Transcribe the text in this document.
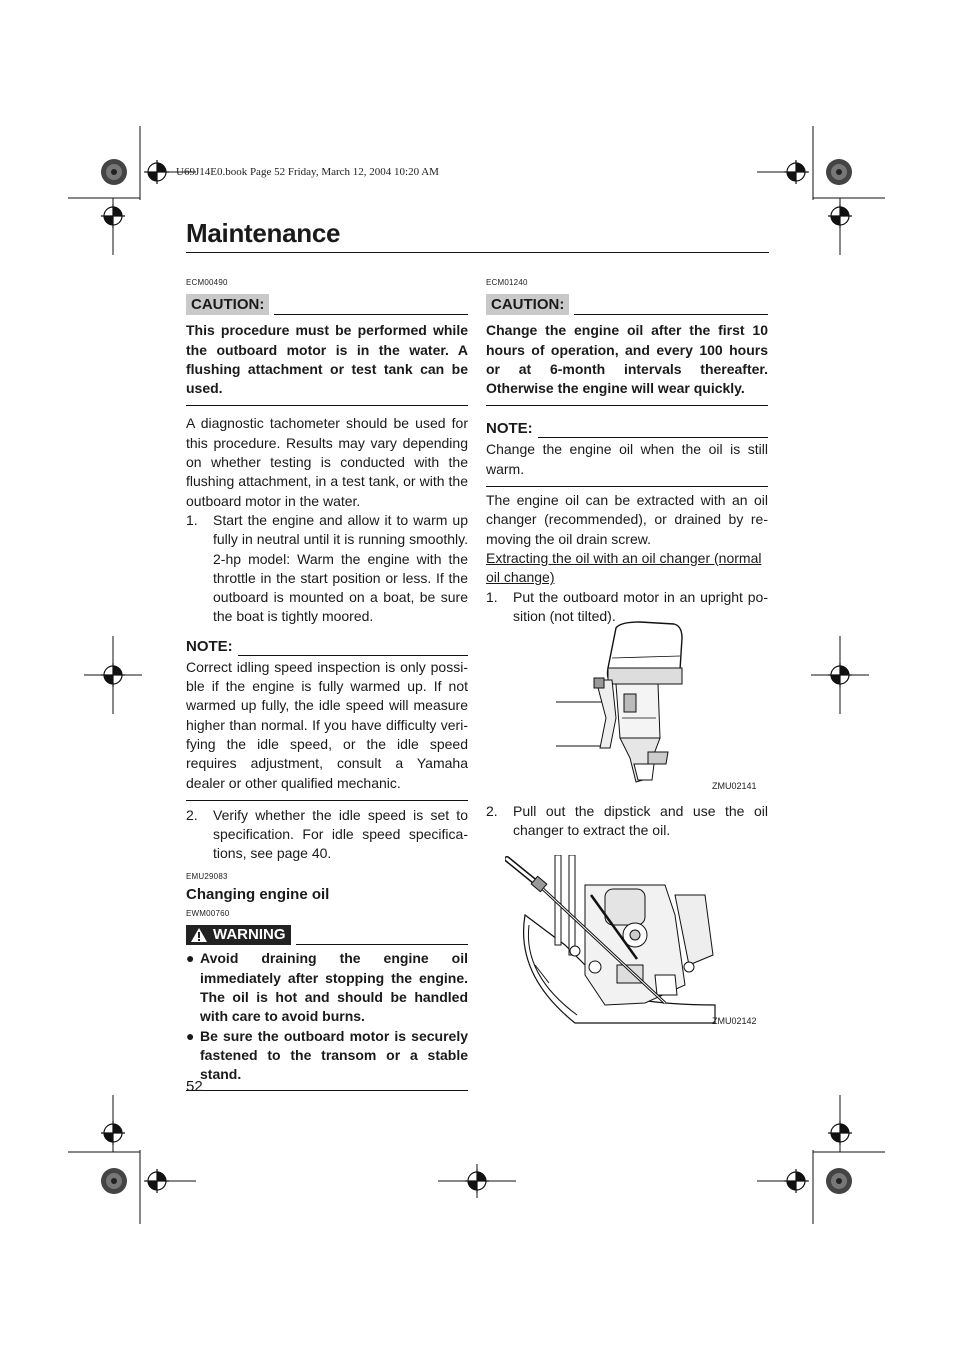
U69J14E0.book Page 52 Friday, March 12, 2004 10:20 AM
Maintenance
ECM00490
CAUTION:
This procedure must be performed while the outboard motor is in the water. A flushing attachment or test tank can be used.
A diagnostic tachometer should be used for this procedure. Results may vary depending on whether testing is conducted with the flushing attachment, in a test tank, or with the outboard motor in the water.
1.	Start the engine and allow it to warm up fully in neutral until it is running smoothly. 2-hp model: Warm the engine with the throttle in the start position or less. If the outboard is mounted on a boat, be sure the boat is tightly moored.
NOTE:
Correct idling speed inspection is only possible if the engine is fully warmed up. If not warmed up fully, the idle speed will measure higher than normal. If you have difficulty verifying the idle speed, or the idle speed requires adjustment, consult a Yamaha dealer or other qualified mechanic.
2.	Verify whether the idle speed is set to specification. For idle speed specifications, see page 40.
EMU29083
Changing engine oil
EWM00760
WARNING
● Avoid draining the engine oil immediately after stopping the engine. The oil is hot and should be handled with care to avoid burns.
● Be sure the outboard motor is securely fastened to the transom or a stable stand.
ECM01240
CAUTION:
Change the engine oil after the first 10 hours of operation, and every 100 hours or at 6-month intervals thereafter. Otherwise the engine will wear quickly.
NOTE:
Change the engine oil when the oil is still warm.
The engine oil can be extracted with an oil changer (recommended), or drained by removing the oil drain screw.
Extracting the oil with an oil changer (normal oil change)
1.	Put the outboard motor in an upright position (not tilted).
ZMU02141
2.	Pull out the dipstick and use the oil changer to extract the oil.
ZMU02142
52
